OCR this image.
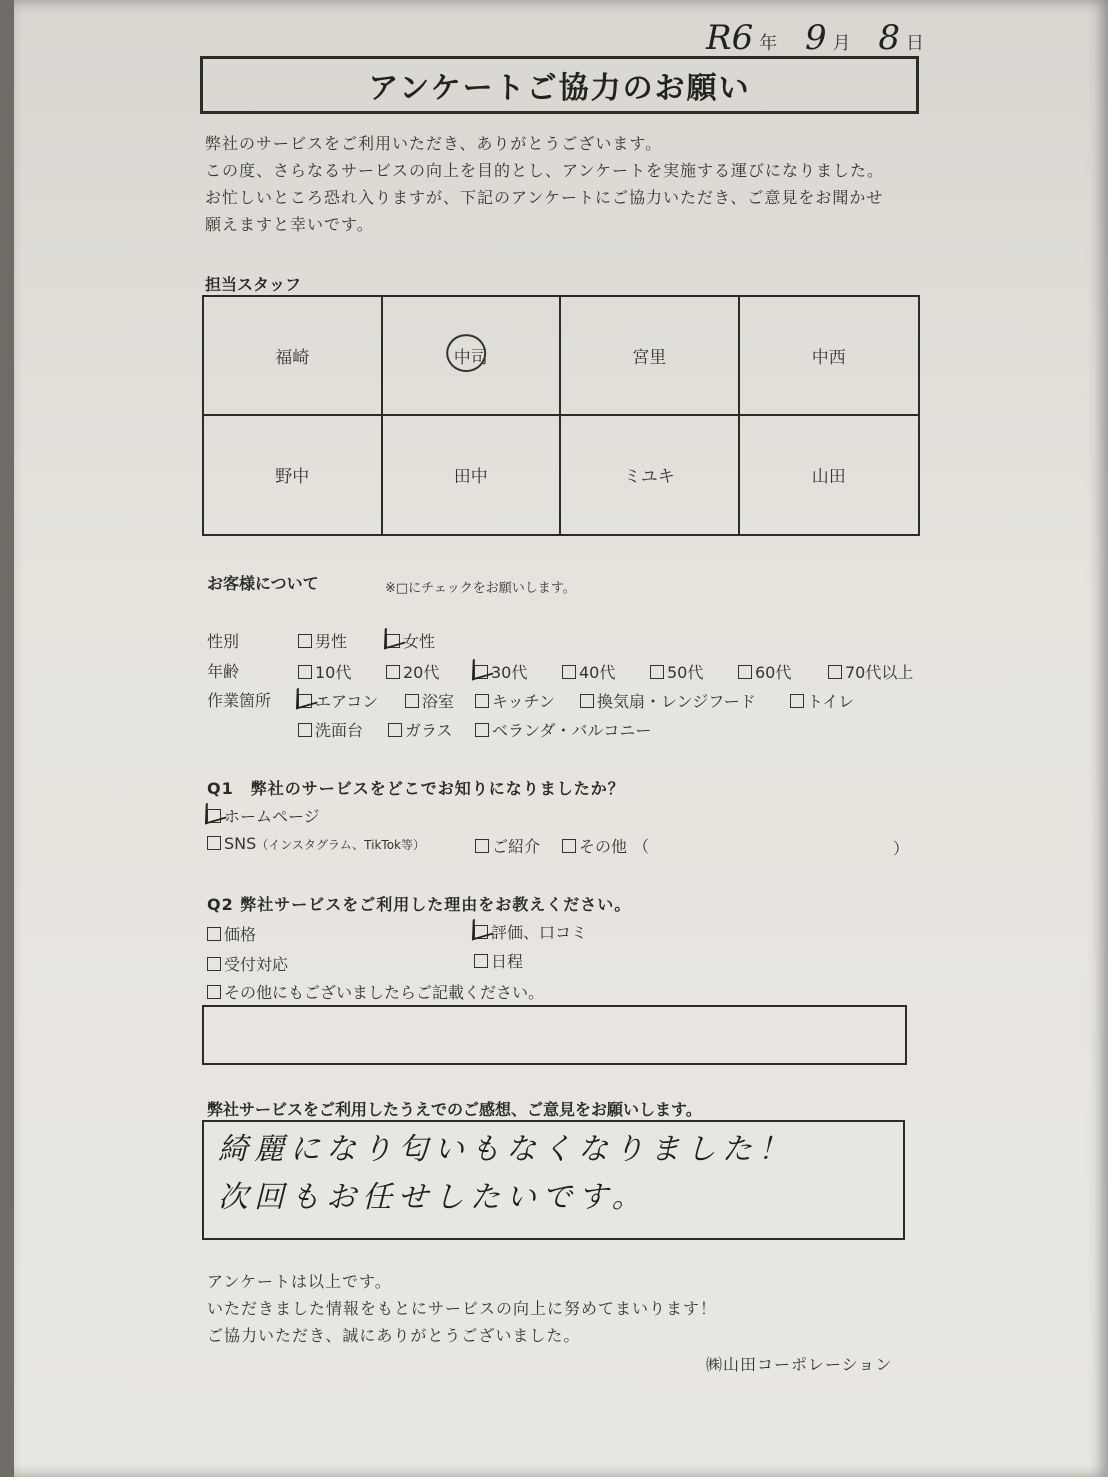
R6 年 9 月 8 日
アンケートご協力のお願い
弊社のサービスをご利用いただき、ありがとうございます。
この度、さらなるサービスの向上を目的とし、アンケートを実施する運びになりました。
お忙しいところ恐れ入りますが、下記のアンケートにご協力いただき、ご意見をお聞かせ
願えますと幸いです。
担当スタッフ
福崎	中司	宮里	中西
野中	田中	ミユキ	山田
お客様について	※□にチェックをお願いします。
性別	男性	女性
年齢	10代	20代	30代	40代	50代	60代	70代以上
作業箇所	エアコン	浴室	キッチン	換気扇・レンジフード	トイレ
洗面台	ガラス	ベランダ・バルコニー
Q1　弊社のサービスをどこでお知りになりましたか？
ホームページ
SNS（インスタグラム、TikTok等）	ご紹介	その他 （	）
Q2 弊社サービスをご利用した理由をお教えください。
価格	評価、口コミ
受付対応	日程
その他にもございましたらご記載ください。
弊社サービスをご利用したうえでのご感想、ご意見をお願いします。
綺麗になり匂いもなくなりました！
次回もお任せしたいです。
アンケートは以上です。
いただきました情報をもとにサービスの向上に努めてまいります！
ご協力いただき、誠にありがとうございました。
㈱山田コーポレーション
